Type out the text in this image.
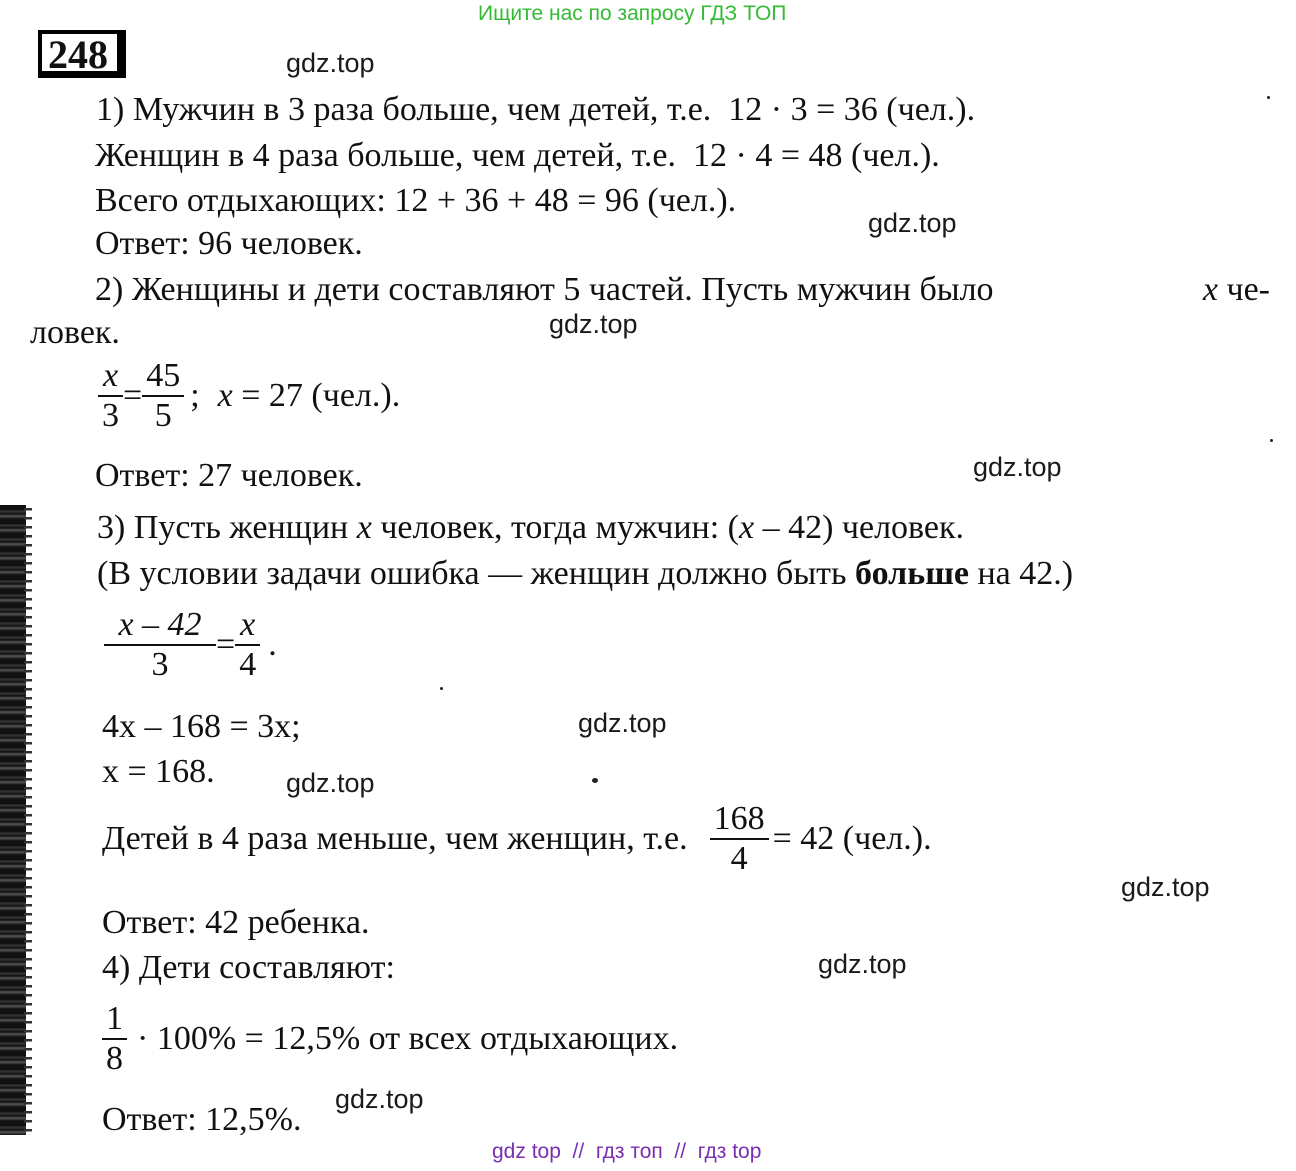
Ищите нас по запросу ГДЗ ТОП
248	gdz.top
gdz.top
gdz.top
gdz.top
gdz.top
gdz.top
gdz.top
gdz.top
gdz.top
1) Мужчин в 3 раза больше, чем детей, т.е. 12 · 3 = 36 (чел.).
Женщин в 4 раза больше, чем детей, т.е. 12 · 4 = 48 (чел.).
Всего отдыхающих: 12 + 36 + 48 = 96 (чел.).
Ответ: 96 человек.
2) Женщины и дети составляют 5 частей. Пусть мужчин было	x че-
ловек.
$\frac{x}{3} = \frac{45}{5}$ ; x = 27 (чел.).
Ответ: 27 человек.
3) Пусть женщин x человек, тогда мужчин: (x – 42) человек.
(В условии задачи ошибка — женщин должно быть больше на 42.)
$\frac{x - 42}{3} = \frac{x}{4}$ .
4x – 168 = 3x;
x = 168.
Детей в 4 раза меньше, чем женщин, т.е. $\frac{168}{4} = 42$ (чел.).
Ответ: 42 ребенка.
4) Дети составляют:
$\frac{1}{8} \cdot 100\% = 12,5\%$ от всех отдыхающих.
Ответ: 12,5%.
gdz top  //  гдз топ  //  гдз top
